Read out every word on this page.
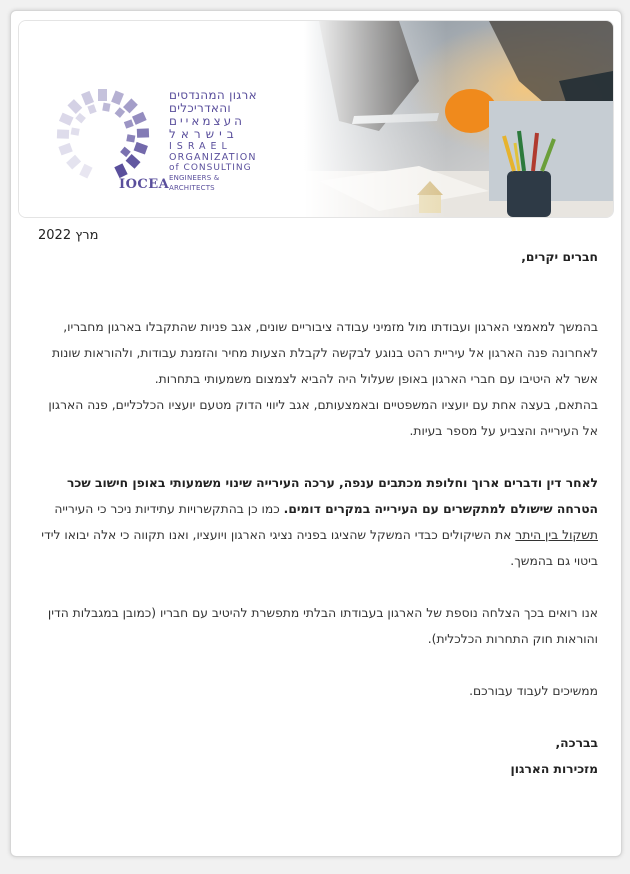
ארגון המהנדסים
והאדריכלים
העצמאיים
בישראל
ISRAEL
ORGANIZATION
of CONSULTING
ENGINEERS & ARCHITECTS
IOCEA
מרץ 2022

חברים יקרים,

בהמשך למאמצי הארגון ועבודתו מול מזמיני עבודה ציבוריים שונים, אגב פניות שהתקבלו בארגון מחבריו, לאחרונה פנה הארגון אל עיריית רהט בנוגע לבקשה לקבלת הצעות מחיר והזמנת עבודות, ולהוראות שונות אשר לא היטיבו עם חברי הארגון באופן שעלול היה להביא לצמצום משמעותי בתחרות.

בהתאם, בעצה אחת עם יועציו המשפטיים ובאמצעותם, אגב ליווי הדוק מטעם יועציו הכלכליים, פנה הארגון אל העירייה והצביע על מספר בעיות.

לאחר דין ודברים ארוך וחלופת מכתבים ענפה, ערכה העירייה שינוי משמעותי באופן חישוב שכר הטרחה שישולם למתקשרים עם העירייה במקרים דומים. כמו כן בהתקשרויות עתידיות ניכר כי העירייה תשקול בין היתר את השיקולים כבדי המשקל שהציגו בפניה נציגי הארגון ויועציו, ואנו תקווה כי אלה יבואו לידי ביטוי גם בהמשך.

אנו רואים בכך הצלחה נוספת של הארגון בעבודתו הבלתי מתפשרת להיטיב עם חבריו (כמובן במגבלות הדין והוראות חוק התחרות הכלכלית).

ממשיכים לעבוד עבורכם.

בברכה,

מזכירות הארגון
